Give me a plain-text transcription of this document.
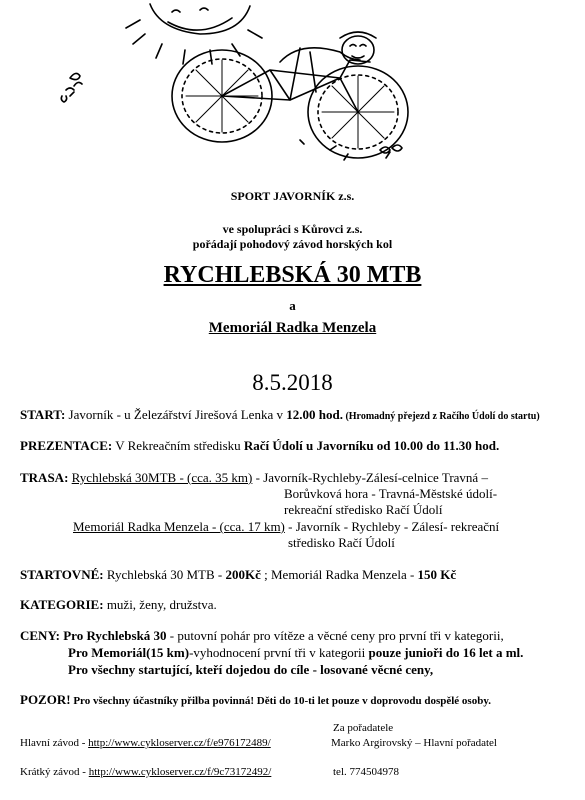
SPORT JAVORNÍK z.s.
ve spolupráci s Kůrovci z.s.
pořádají pohodový závod horských kol
RYCHLEBSKÁ 30 MTB
a
Memoriál Radka Menzela
8.5.2018
START: Javorník - u Železářství Jirešová Lenka v 12.00 hod. (Hromadný přejezd z Račího Údolí do startu)
PREZENTACE: V Rekreačním středisku Račí Údolí u Javorníku od 10.00 do 11.30 hod.
TRASA: Rychlebská 30MTB - (cca. 35 km) - Javorník-Rychleby-Zálesí-celnice Travná –
Borůvková hora - Travná-Městské údolí-
rekreační středisko Račí Údolí
Memoriál Radka Menzela - (cca. 17 km) - Javorník - Rychleby - Zálesí- rekreační
středisko Račí Údolí
STARTOVNÉ: Rychlebská 30 MTB - 200Kč ; Memoriál Radka Menzela - 150 Kč
KATEGORIE: muži, ženy, družstva.
CENY: Pro Rychlebská 30 - putovní pohár pro vítěze a věcné ceny pro první tři v kategorii,
Pro Memoriál(15 km)-vyhodnocení první tři v kategorii pouze junioři do 16 let a ml.
Pro všechny startující, kteří dojedou do cíle - losované věcné ceny,
POZOR! Pro všechny účastníky přilba povinná! Děti do 10-ti let pouze v doprovodu dospělé osoby.
Za pořadatele
Hlavní závod - http://www.cykloserver.cz/f/e976172489/	Marko Argirovský – Hlavní pořadatel
Krátký závod - http://www.cykloserver.cz/f/9c73172492/	tel. 774504978
